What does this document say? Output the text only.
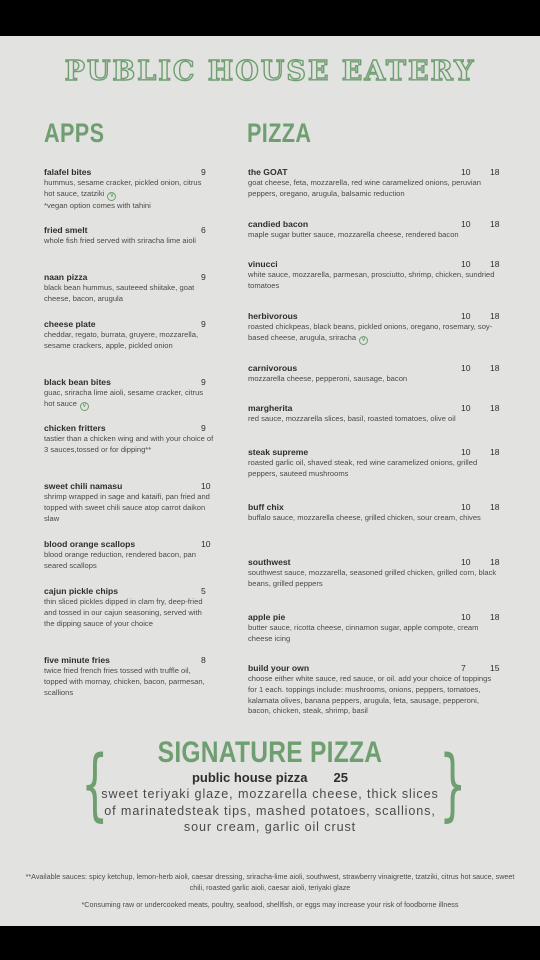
PUBLIC HOUSE EATERY
APPS	PIZZA
falafel bites	9
hummus, sesame cracker, pickled onion, citrus hot sauce, tzatziki V
*vegan option comes with tahini
fried smelt	6
whole fish fried served with sriracha lime aioli
naan pizza	9
black bean hummus, sauteeed shiitake, goat cheese, bacon, arugula
cheese plate	9
cheddar, regato, burrata, gruyere, mozzarella, sesame crackers, apple, pickled onion
black bean bites	9
guac, sriracha lime aioli, sesame cracker, citrus hot sauce V
chicken fritters	9
tastier than a chicken wing and with your choice of 3 sauces,tossed or for dipping**
sweet chili namasu	10
shrimp wrapped in sage and kataifi, pan fried and topped with sweet chili sauce atop carrot daikon slaw
blood orange scallops	10
blood orange reduction, rendered bacon, pan seared scallops
cajun pickle chips	5
thin sliced pickles dipped in clam fry, deep-fried and tossed in our cajun seasoning, served with the dipping sauce of your choice
five minute fries	8
twice fried french fries tossed with truffle oil, topped with mornay, chicken, bacon, parmesan, scallions
the GOAT	10 18
goat cheese, feta, mozzarella, red wine caramelized onions, peruvian peppers, oregano, arugula, balsamic reduction
candied bacon	10 18
maple sugar butter sauce, mozzarella cheese, rendered bacon
vinucci	10 18
white sauce, mozzarella, parmesan, prosciutto, shrimp, chicken, sundried tomatoes
herbivorous	10 18
roasted chickpeas, black beans, pickled onions, oregano, rosemary, soy-based cheese, arugula, sriracha V
carnivorous	10 18
mozzarella cheese, pepperoni, sausage, bacon
margherita	10 18
red sauce, mozzarella slices, basil, roasted tomatoes, olive oil
steak supreme	10 18
roasted garlic oil, shaved steak, red wine caramelized onions, grilled peppers, sauteed mushrooms
buff chix	10 18
buffalo sauce, mozzarella cheese, grilled chicken, sour cream, chives
southwest	10 18
southwest sauce, mozzarella, seasoned grilled chicken, grilled corn, black beans, grilled peppers
apple pie	10 18
butter sauce, ricotta cheese, cinnamon sugar, apple compote, cream cheese icing
build your own	7	15
choose either white sauce, red sauce, or oil. add your choice of toppings for 1 each. toppings include: mushrooms, onions, peppers, tomatoes, kalamata olives, banana peppers, arugula, feta, sausage, pepperoni, bacon, chicken, steak, shrimp, basil
{	}
SIGNATURE PIZZA
public house pizza 25
sweet teriyaki glaze, mozzarella cheese, thick slices of marinatedsteak tips, mashed potatoes, scallions, sour cream, garlic oil crust
**Available sauces: spicy ketchup, lemon-herb aioli, caesar dressing, sriracha-lime aioli, southwest, strawberry vinaigrette, tzatziki, citrus hot sauce, sweet chili, roasted garlic aioli, caesar aioli, teriyaki glaze
*Consuming raw or undercooked meats, poultry, seafood, shellfish, or eggs may increase your risk of foodborne illness
